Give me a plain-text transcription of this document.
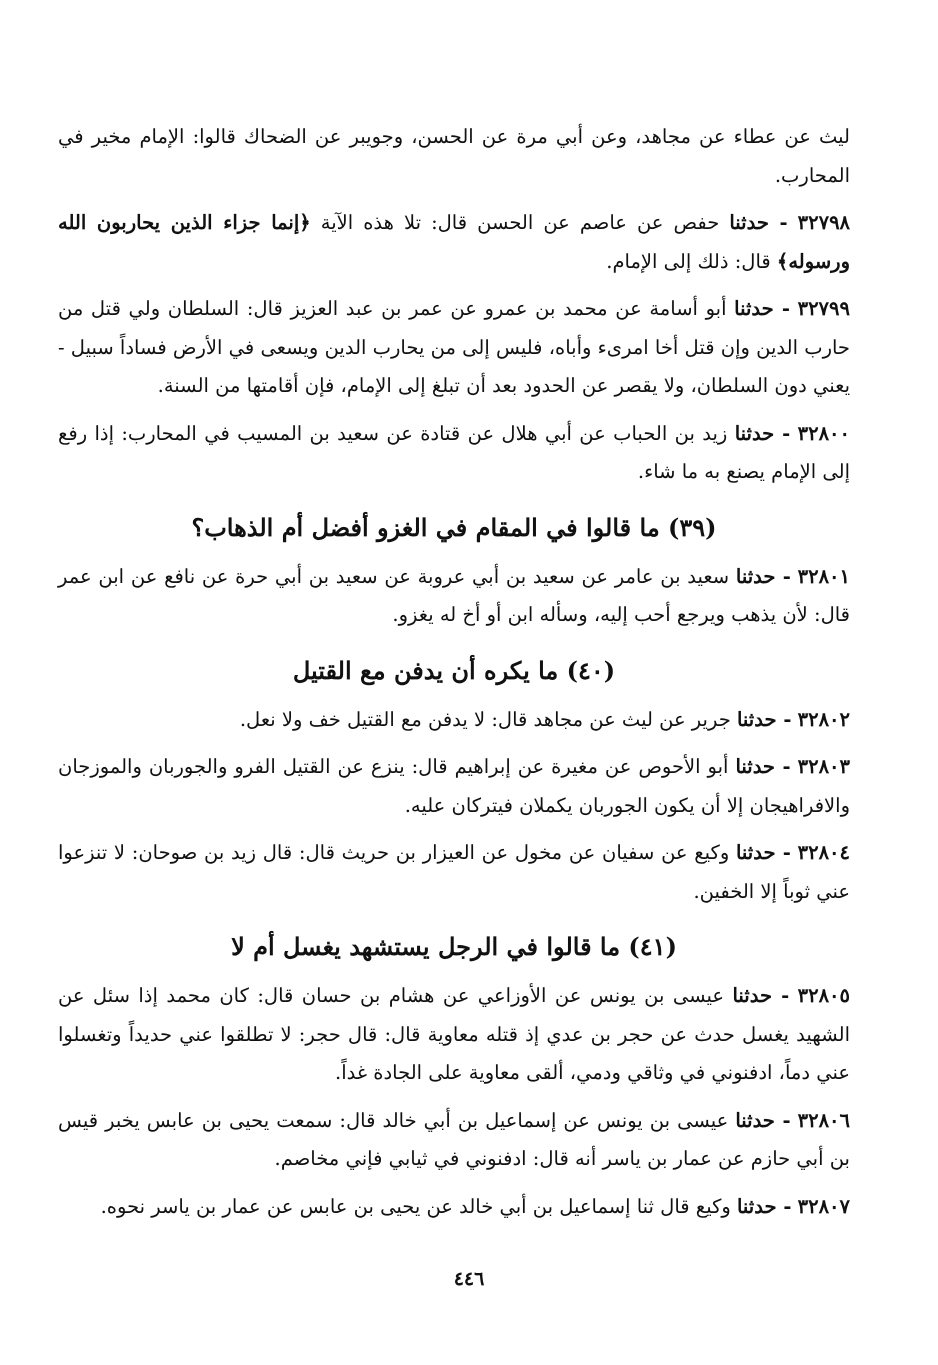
ليث عن عطاء عن مجاهد، وعن أبي مرة عن الحسن، وجويبر عن الضحاك قالوا: الإمام مخير في المحارب.

٣٢٧٩٨ - حدثنا حفص عن عاصم عن الحسن قال: تلا هذه الآية ﴿إنما جزاء الذين يحاربون الله ورسوله﴾ قال: ذلك إلى الإمام.

٣٢٧٩٩ - حدثنا أبو أسامة عن محمد بن عمرو عن عمر بن عبد العزيز قال: السلطان ولي قتل من حارب الدين وإن قتل أخا امرىء وأباه، فليس إلى من يحارب الدين ويسعى في الأرض فساداً سبيل - يعني دون السلطان، ولا يقصر عن الحدود بعد أن تبلغ إلى الإمام، فإن أقامتها من السنة.

٣٢٨٠٠ - حدثنا زيد بن الحباب عن أبي هلال عن قتادة عن سعيد بن المسيب في المحارب: إذا رفع إلى الإمام يصنع به ما شاء.

(٣٩) ما قالوا في المقام في الغزو أفضل أم الذهاب؟

٣٢٨٠١ - حدثنا سعيد بن عامر عن سعيد بن أبي عروبة عن سعيد بن أبي حرة عن نافع عن ابن عمر قال: لأن يذهب ويرجع أحب إليه، وسأله ابن أو أخ له يغزو.

(٤٠) ما يكره أن يدفن مع القتيل

٣٢٨٠٢ - حدثنا جرير عن ليث عن مجاهد قال: لا يدفن مع القتيل خف ولا نعل.

٣٢٨٠٣ - حدثنا أبو الأحوص عن مغيرة عن إبراهيم قال: ينزع عن القتيل الفرو والجوربان والموزجان والافراهيجان إلا أن يكون الجوربان يكملان فيتركان عليه.

٣٢٨٠٤ - حدثنا وكيع عن سفيان عن مخول عن العيزار بن حريث قال: قال زيد بن صوحان: لا تنزعوا عني ثوباً إلا الخفين.

(٤١) ما قالوا في الرجل يستشهد يغسل أم لا

٣٢٨٠٥ - حدثنا عيسى بن يونس عن الأوزاعي عن هشام بن حسان قال: كان محمد إذا سئل عن الشهيد يغسل حدث عن حجر بن عدي إذ قتله معاوية قال: قال حجر: لا تطلقوا عني حديداً وتغسلوا عني دماً، ادفنوني في وثاقي ودمي، ألقى معاوية على الجادة غداً.

٣٢٨٠٦ - حدثنا عيسى بن يونس عن إسماعيل بن أبي خالد قال: سمعت يحيى بن عابس يخبر قيس بن أبي حازم عن عمار بن ياسر أنه قال: ادفنوني في ثيابي فإني مخاصم.

٣٢٨٠٧ - حدثنا وكيع قال ثنا إسماعيل بن أبي خالد عن يحيى بن عابس عن عمار بن ياسر نحوه.

٤٤٦
